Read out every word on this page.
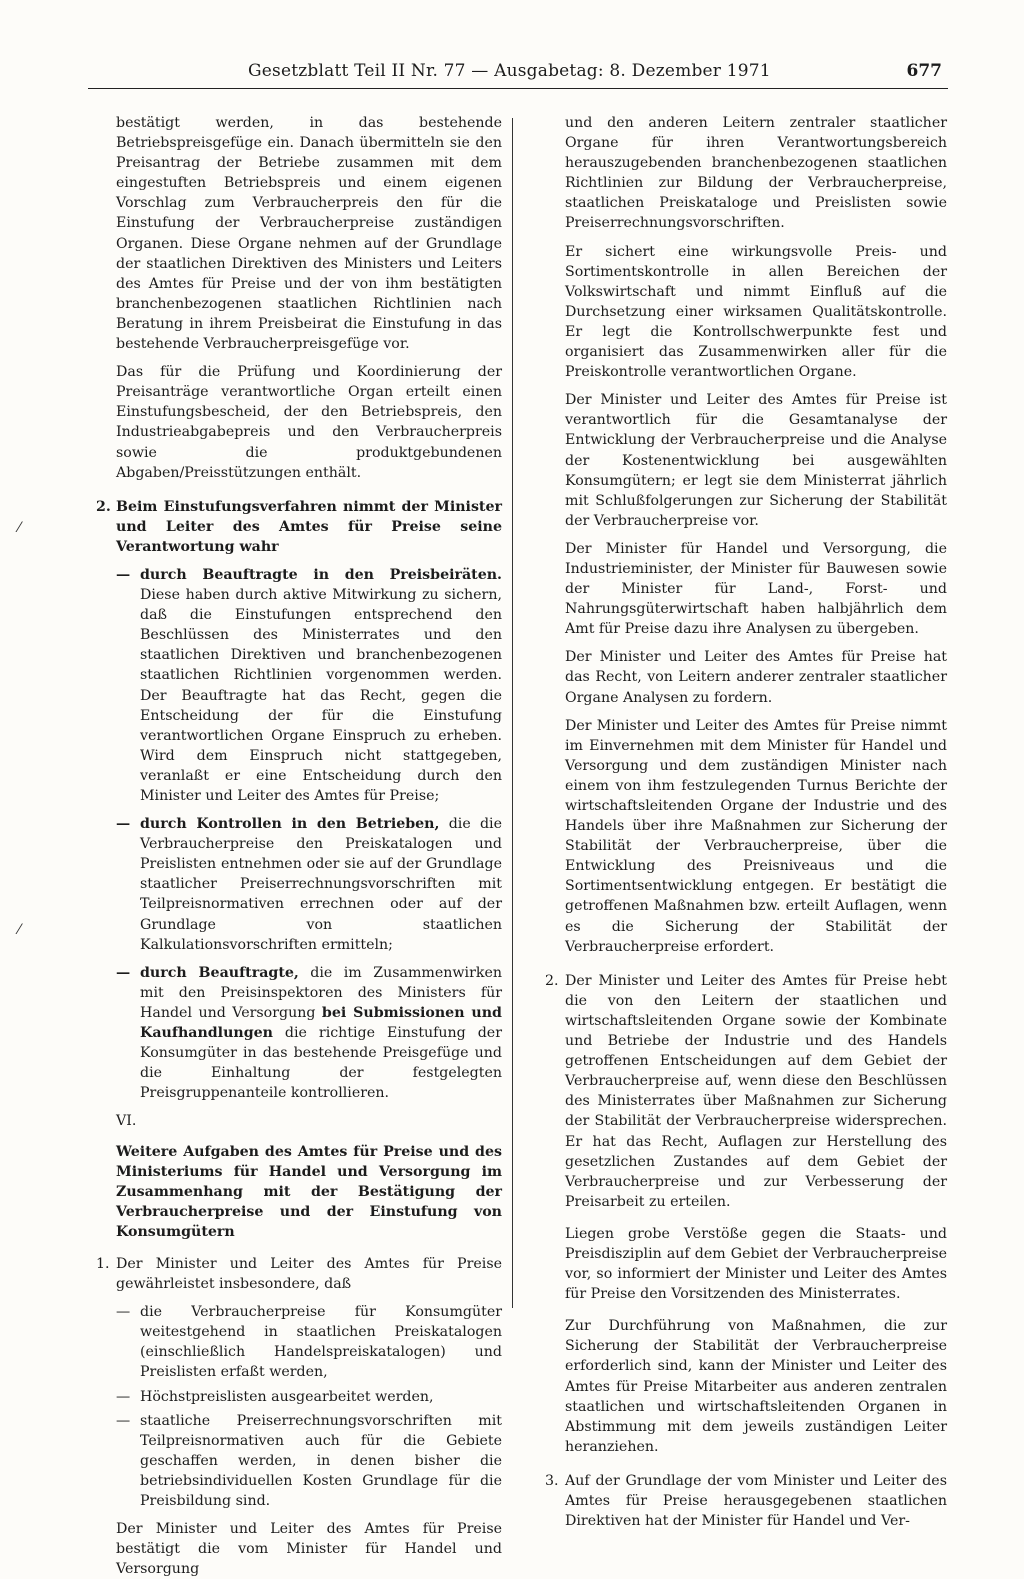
Gesetzblatt Teil II Nr. 77 — Ausgabetag: 8. Dezember 1971	677
⁄
⁄

bestätigt werden, in das bestehende Betriebspreisgefüge ein. Danach übermitteln sie den Preisantrag der Betriebe zusammen mit dem eingestuften Betriebspreis und einem eigenen Vorschlag zum Verbraucherpreis den für die Einstufung der Verbraucherpreise zuständigen Organen. Diese Organe nehmen auf der Grundlage der staatlichen Direktiven des Ministers und Leiters des Amtes für Preise und der von ihm bestätigten branchenbezogenen staatlichen Richtlinien nach Beratung in ihrem Preisbeirat die Einstufung in das bestehende Verbraucherpreisgefüge vor.

Das für die Prüfung und Koordinierung der Preisanträge verantwortliche Organ erteilt einen Einstufungsbescheid, der den Betriebspreis, den Industrieabgabepreis und den Verbraucherpreis sowie die produktgebundenen Abgaben/Preisstützungen enthält.

2. Beim Einstufungsverfahren nimmt der Minister und Leiter des Amtes für Preise seine Verantwortung wahr

— durch Beauftragte in den Preisbeiräten. Diese haben durch aktive Mitwirkung zu sichern, daß die Einstufungen entsprechend den Beschlüssen des Ministerrates und den staatlichen Direktiven und branchenbezogenen staatlichen Richtlinien vorgenommen werden. Der Beauftragte hat das Recht, gegen die Entscheidung der für die Einstufung verantwortlichen Organe Einspruch zu erheben. Wird dem Einspruch nicht stattgegeben, veranlaßt er eine Entscheidung durch den Minister und Leiter des Amtes für Preise;

— durch Kontrollen in den Betrieben, die die Verbraucherpreise den Preiskatalogen und Preislisten entnehmen oder sie auf der Grundlage staatlicher Preiserrechnungsvorschriften mit Teilpreisnormativen errechnen oder auf der Grundlage von staatlichen Kalkulationsvorschriften ermitteln;

— durch Beauftragte, die im Zusammenwirken mit den Preisinspektoren des Ministers für Handel und Versorgung bei Submissionen und Kaufhandlungen die richtige Einstufung der Konsumgüter in das bestehende Preisgefüge und die Einhaltung der festgelegten Preisgruppenanteile kontrollieren.

VI.

Weitere Aufgaben des Amtes für Preise und des Ministeriums für Handel und Versorgung im Zusammenhang mit der Bestätigung der Verbraucherpreise und der Einstufung von Konsumgütern

1. Der Minister und Leiter des Amtes für Preise gewährleistet insbesondere, daß

— die Verbraucherpreise für Konsumgüter weitestgehend in staatlichen Preiskatalogen (einschließlich Handelspreiskatalogen) und Preislisten erfaßt werden,

— Höchstpreislisten ausgearbeitet werden,

— staatliche Preiserrechnungsvorschriften mit Teilpreisnormativen auch für die Gebiete geschaffen werden, in denen bisher die betriebsindividuellen Kosten Grundlage für die Preisbildung sind.

Der Minister und Leiter des Amtes für Preise bestätigt die vom Minister für Handel und Versorgung

und den anderen Leitern zentraler staatlicher Organe für ihren Verantwortungsbereich herauszugebenden branchenbezogenen staatlichen Richtlinien zur Bildung der Verbraucherpreise, staatlichen Preiskataloge und Preislisten sowie Preiserrechnungsvorschriften.

Er sichert eine wirkungsvolle Preis- und Sortimentskontrolle in allen Bereichen der Volkswirtschaft und nimmt Einfluß auf die Durchsetzung einer wirksamen Qualitätskontrolle. Er legt die Kontrollschwerpunkte fest und organisiert das Zusammenwirken aller für die Preiskontrolle verantwortlichen Organe.

Der Minister und Leiter des Amtes für Preise ist verantwortlich für die Gesamtanalyse der Entwicklung der Verbraucherpreise und die Analyse der Kostenentwicklung bei ausgewählten Konsumgütern; er legt sie dem Ministerrat jährlich mit Schlußfolgerungen zur Sicherung der Stabilität der Verbraucherpreise vor.

Der Minister für Handel und Versorgung, die Industrieminister, der Minister für Bauwesen sowie der Minister für Land-, Forst- und Nahrungsgüterwirtschaft haben halbjährlich dem Amt für Preise dazu ihre Analysen zu übergeben.

Der Minister und Leiter des Amtes für Preise hat das Recht, von Leitern anderer zentraler staatlicher Organe Analysen zu fordern.

Der Minister und Leiter des Amtes für Preise nimmt im Einvernehmen mit dem Minister für Handel und Versorgung und dem zuständigen Minister nach einem von ihm festzulegenden Turnus Berichte der wirtschaftsleitenden Organe der Industrie und des Handels über ihre Maßnahmen zur Sicherung der Stabilität der Verbraucherpreise, über die Entwicklung des Preisniveaus und die Sortimentsentwicklung entgegen. Er bestätigt die getroffenen Maßnahmen bzw. erteilt Auflagen, wenn es die Sicherung der Stabilität der Verbraucherpreise erfordert.

2. Der Minister und Leiter des Amtes für Preise hebt die von den Leitern der staatlichen und wirtschaftsleitenden Organe sowie der Kombinate und Betriebe der Industrie und des Handels getroffenen Entscheidungen auf dem Gebiet der Verbraucherpreise auf, wenn diese den Beschlüssen des Ministerrates über Maßnahmen zur Sicherung der Stabilität der Verbraucherpreise widersprechen. Er hat das Recht, Auflagen zur Herstellung des gesetzlichen Zustandes auf dem Gebiet der Verbraucherpreise und zur Verbesserung der Preisarbeit zu erteilen.

Liegen grobe Verstöße gegen die Staats- und Preisdisziplin auf dem Gebiet der Verbraucherpreise vor, so informiert der Minister und Leiter des Amtes für Preise den Vorsitzenden des Ministerrates.

Zur Durchführung von Maßnahmen, die zur Sicherung der Stabilität der Verbraucherpreise erforderlich sind, kann der Minister und Leiter des Amtes für Preise Mitarbeiter aus anderen zentralen staatlichen und wirtschaftsleitenden Organen in Abstimmung mit dem jeweils zuständigen Leiter heranziehen.

3. Auf der Grundlage der vom Minister und Leiter des Amtes für Preise herausgegebenen staatlichen Direktiven hat der Minister für Handel und Ver-
